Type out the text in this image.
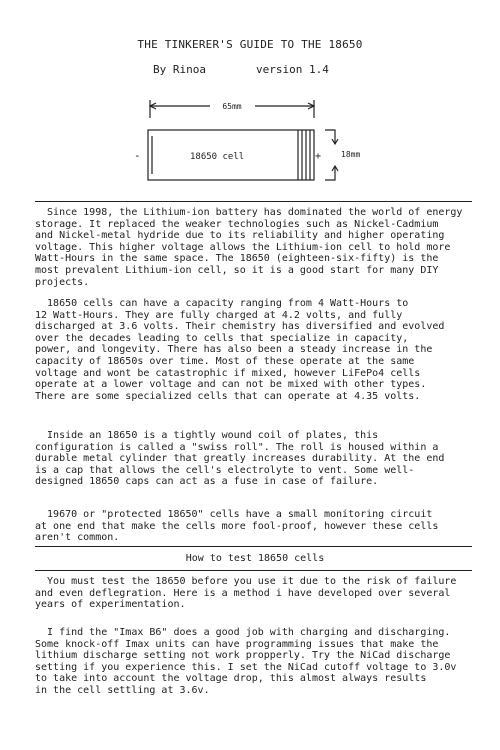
THE TINKERER'S GUIDE TO THE 18650
By Rinoa	version 1.4
65mm
18650 cell	18mm
-	+
Since 1998, the Lithium-ion battery has dominated the world of energy
storage. It replaced the weaker technologies such as Nickel-Cadmium
and Nickel-metal hydride due to its reliability and higher operating
voltage. This higher voltage allows the Lithium-ion cell to hold more
Watt-Hours in the same space. The 18650 (eighteen-six-fifty) is the
most prevalent Lithium-ion cell, so it is a good start for many DIY
projects.
18650 cells can have a capacity ranging from 4 Watt-Hours to
12 Watt-Hours. They are fully charged at 4.2 volts, and fully
discharged at 3.6 volts. Their chemistry has diversified and evolved
over the decades leading to cells that specialize in capacity,
power, and longevity. There has also been a steady increase in the
capacity of 18650s over time. Most of these operate at the same
voltage and wont be catastrophic if mixed, however LiFePo4 cells
operate at a lower voltage and can not be mixed with other types.
There are some specialized cells that can operate at 4.35 volts.
Inside an 18650 is a tightly wound coil of plates, this
configuration is called a "swiss roll". The roll is housed within a
durable metal cylinder that greatly increases durability. At the end
is a cap that allows the cell's electrolyte to vent. Some well-
designed 18650 caps can act as a fuse in case of failure.
19670 or "protected 18650" cells have a small monitoring circuit
at one end that make the cells more fool-proof, however these cells
aren't common.
How to test 18650 cells
You must test the 18650 before you use it due to the risk of failure
and even deflegration. Here is a method i have developed over several
years of experimentation.
I find the "Imax B6" does a good job with charging and discharging.
Some knock-off Imax units can have programming issues that make the
lithium discharge setting not work propperly. Try the NiCad discharge
setting if you experience this. I set the NiCad cutoff voltage to 3.0v
to take into account the voltage drop, this almost always results
in the cell settling at 3.6v.
